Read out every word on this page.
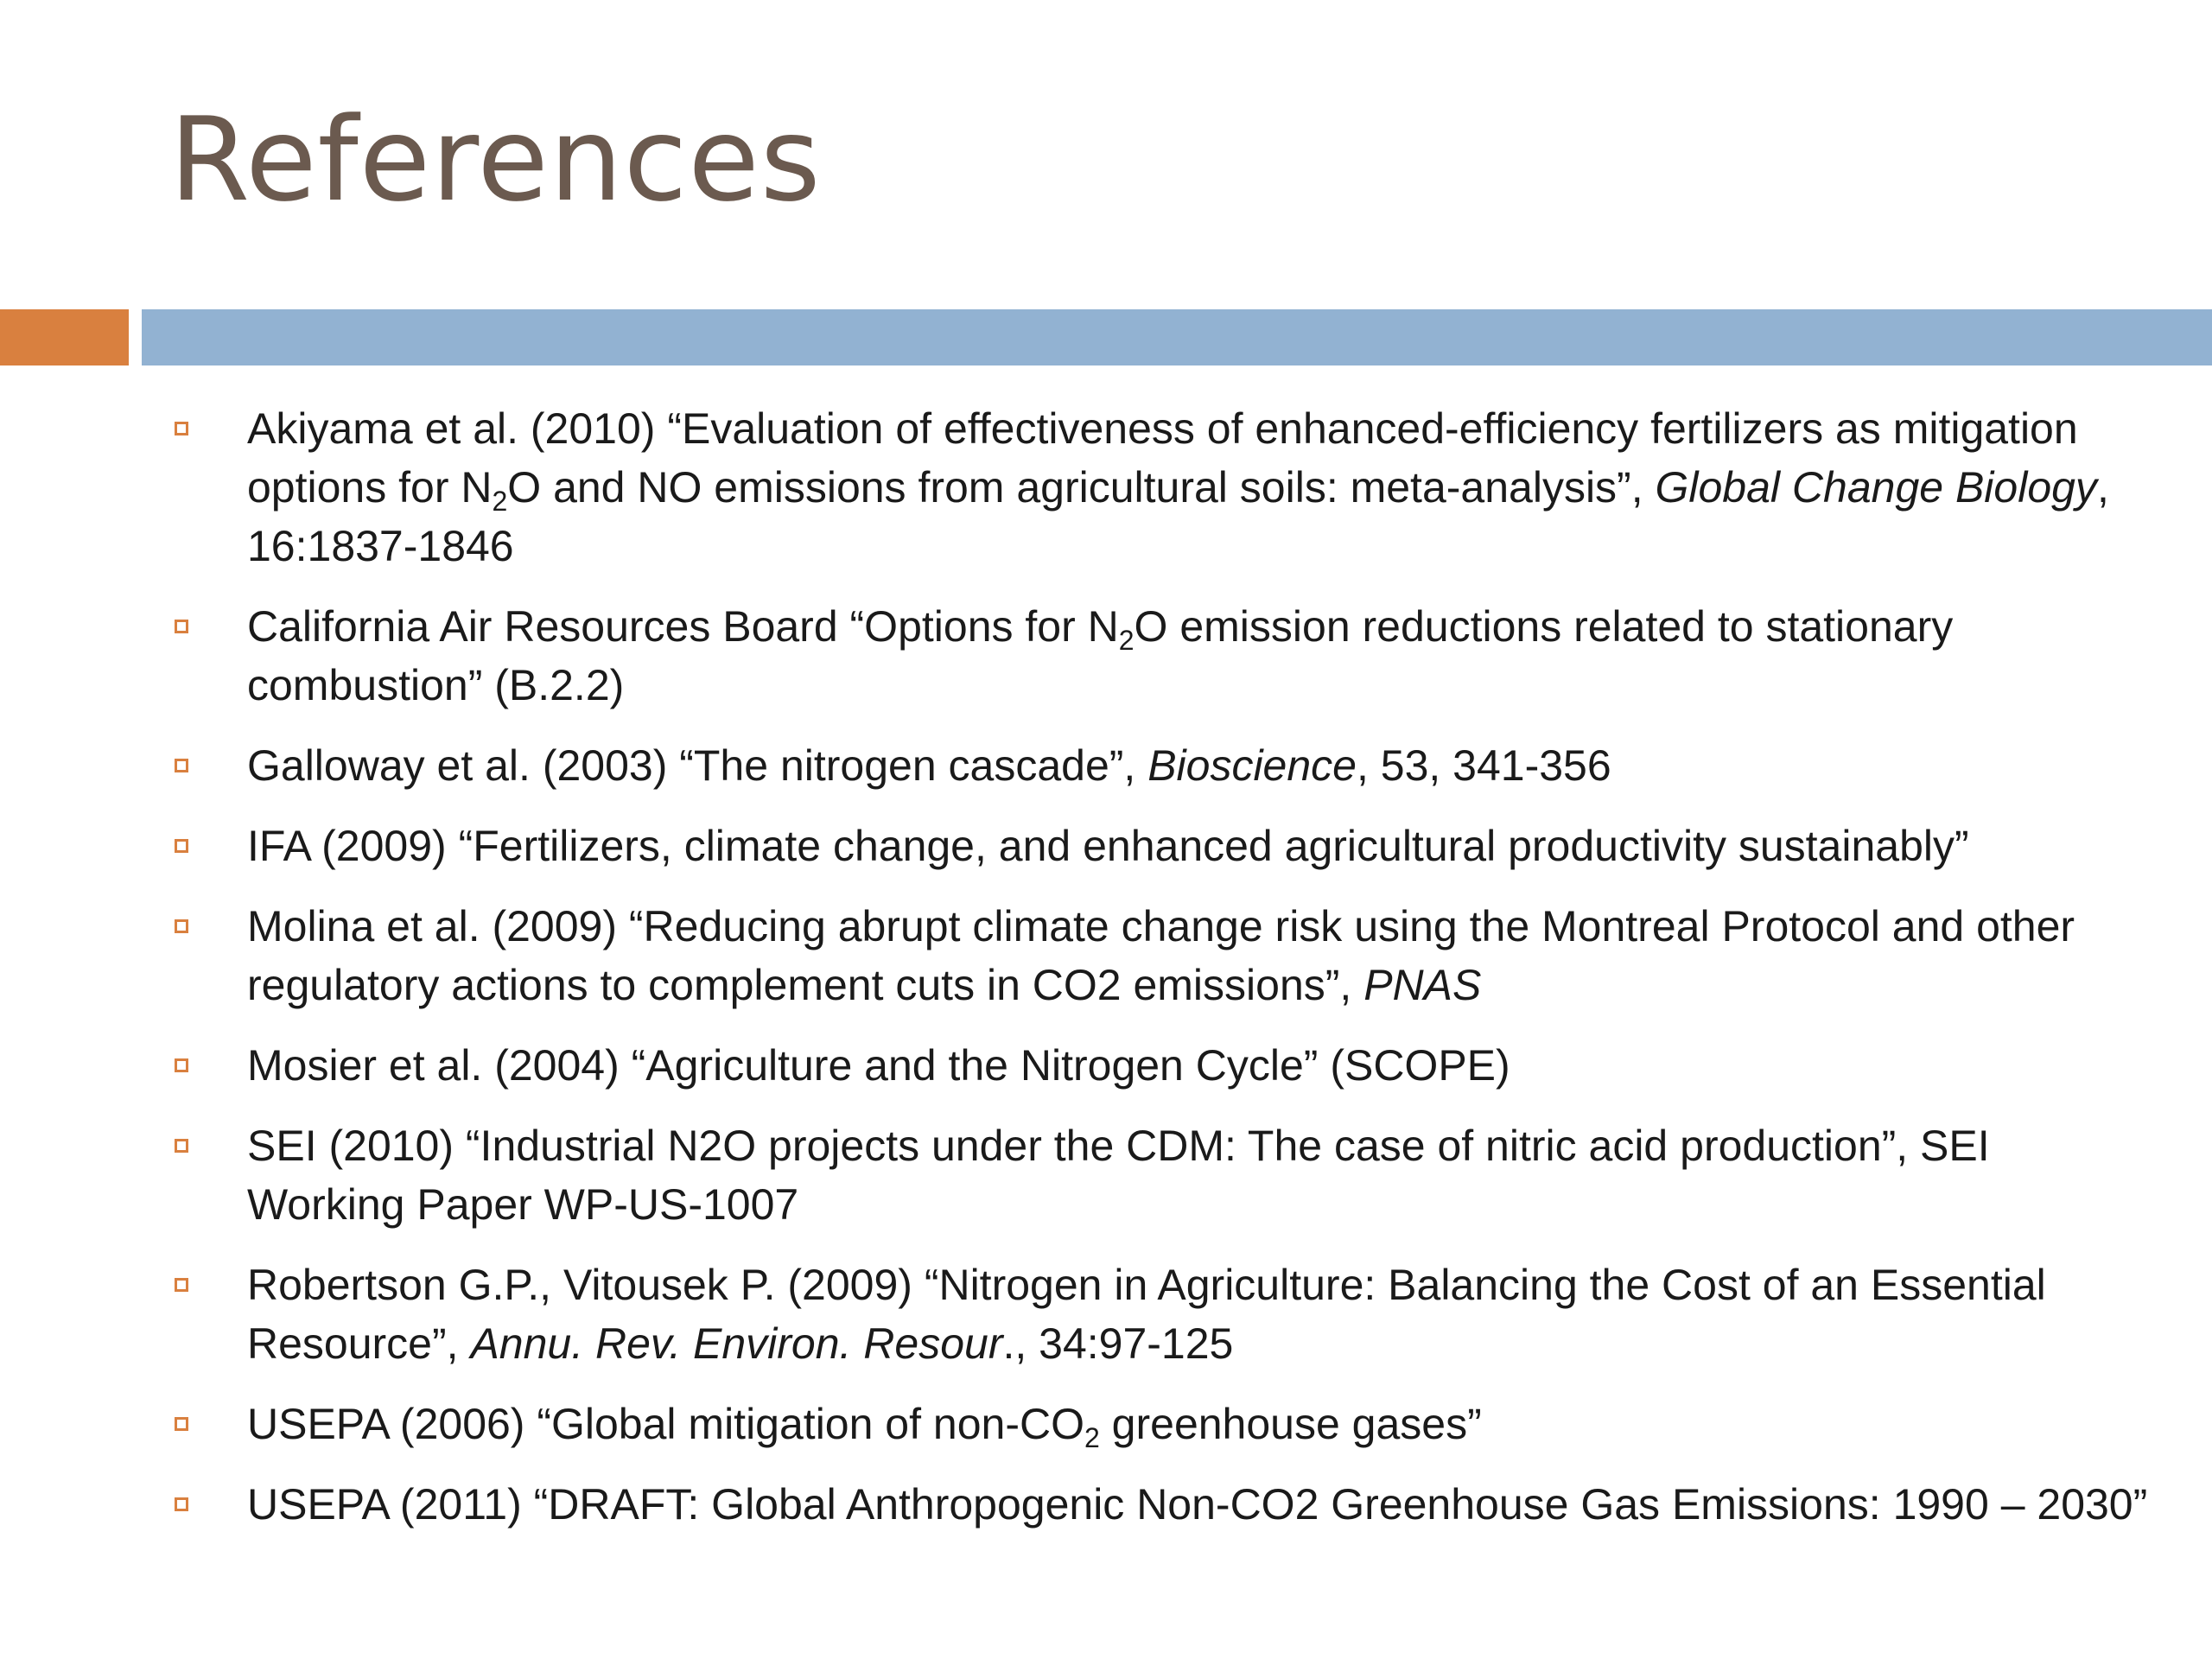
References
Akiyama et al. (2010) “Evaluation of effectiveness of enhanced-efficiency fertilizers as mitigation options for $N_2O$ and NO emissions from agricultural soils: meta-analysis”, Global Change Biology, 16:1837-1846
California Air Resources Board “Options for $N_2O$ emission reductions related to stationary combustion” (B.2.2)
Galloway et al. (2003) “The nitrogen cascade”, Bioscience, 53, 341-356
IFA (2009) “Fertilizers, climate change, and enhanced agricultural productivity sustainably”
Molina et al. (2009) “Reducing abrupt climate change risk using the Montreal Protocol and other regulatory actions to complement cuts in CO2 emissions”, PNAS
Mosier et al. (2004) “Agriculture and the Nitrogen Cycle” (SCOPE)
SEI (2010) “Industrial N2O projects under the CDM: The case of nitric acid production”, SEI Working Paper WP-US-1007
Robertson G.P., Vitousek P. (2009) “Nitrogen in Agriculture: Balancing the Cost of an Essential Resource”, Annu. Rev. Environ. Resour., 34:97-125
USEPA (2006) “Global mitigation of non-$CO_2$ greenhouse gases”
USEPA (2011) “DRAFT: Global Anthropogenic Non-CO2 Greenhouse Gas Emissions: 1990 – 2030”
